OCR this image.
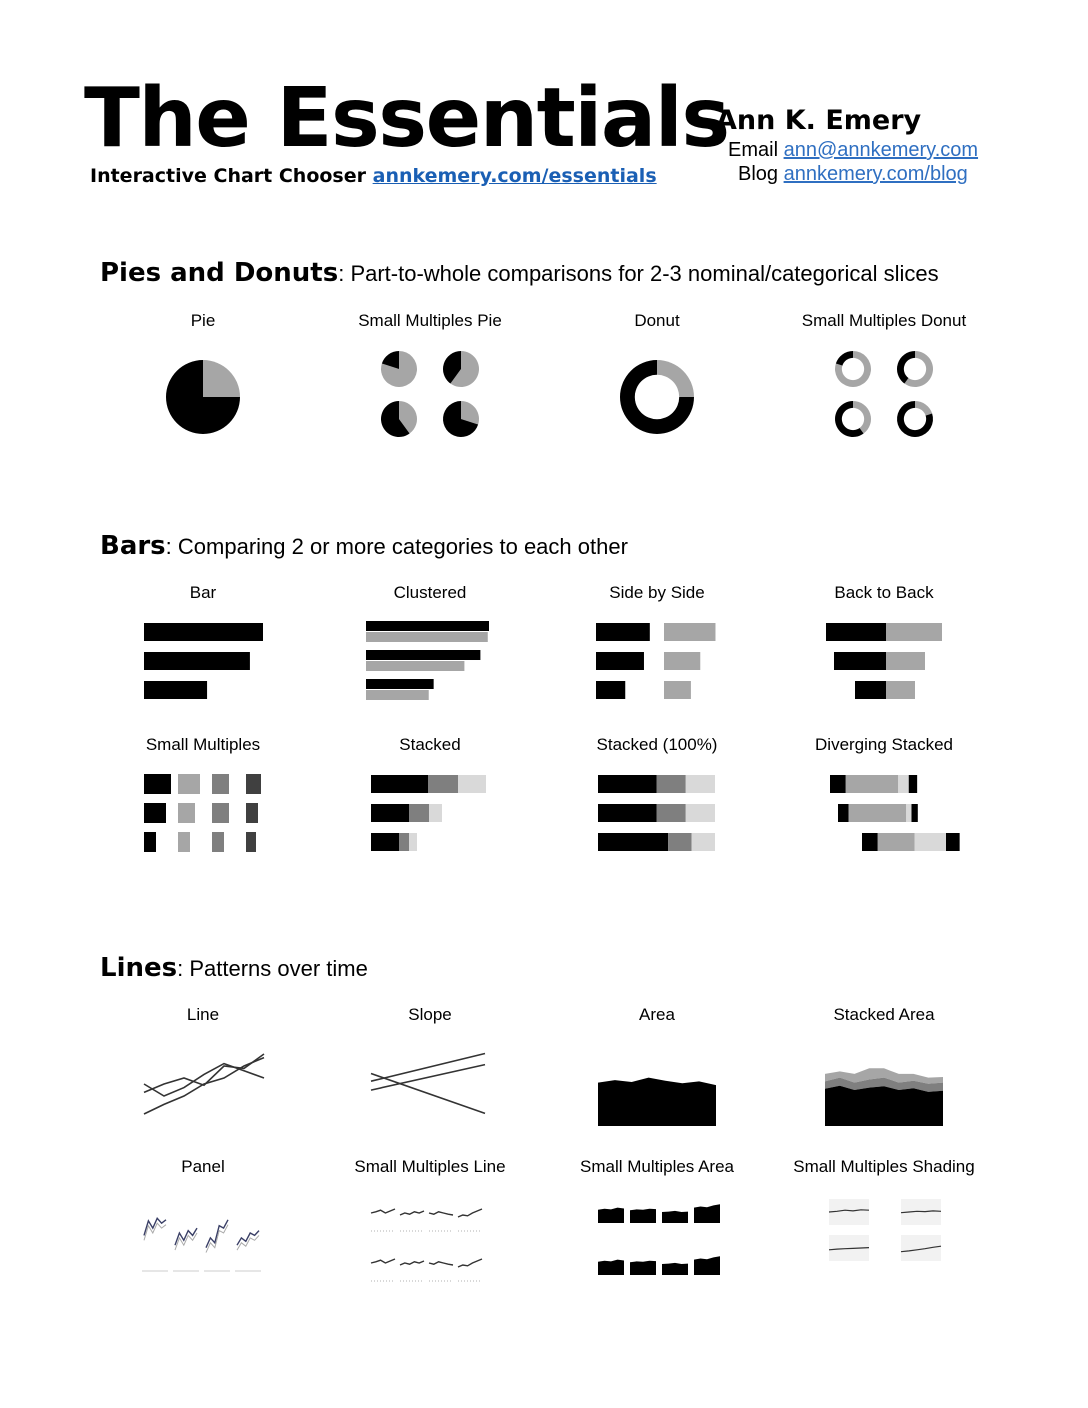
The Essentials
Interactive Chart Chooser annkemery.com/essentials
Ann K. Emery
Email ann@annkemery.com
Blog annkemery.com/blog
Pies and Donuts: Part-to-whole comparisons for 2-3 nominal/categorical slices
Bars: Comparing 2 or more categories to each other
Lines: Patterns over time
Pie	Small Multiples Pie	Donut	Small Multiples Donut
Bar	Clustered	Side by Side	Back to Back
Small Multiples	Stacked	Stacked (100%)	Diverging Stacked
Line	Slope	Area	Stacked Area
Panel	Small Multiples Line	Small Multiples Area	Small Multiples Shading
